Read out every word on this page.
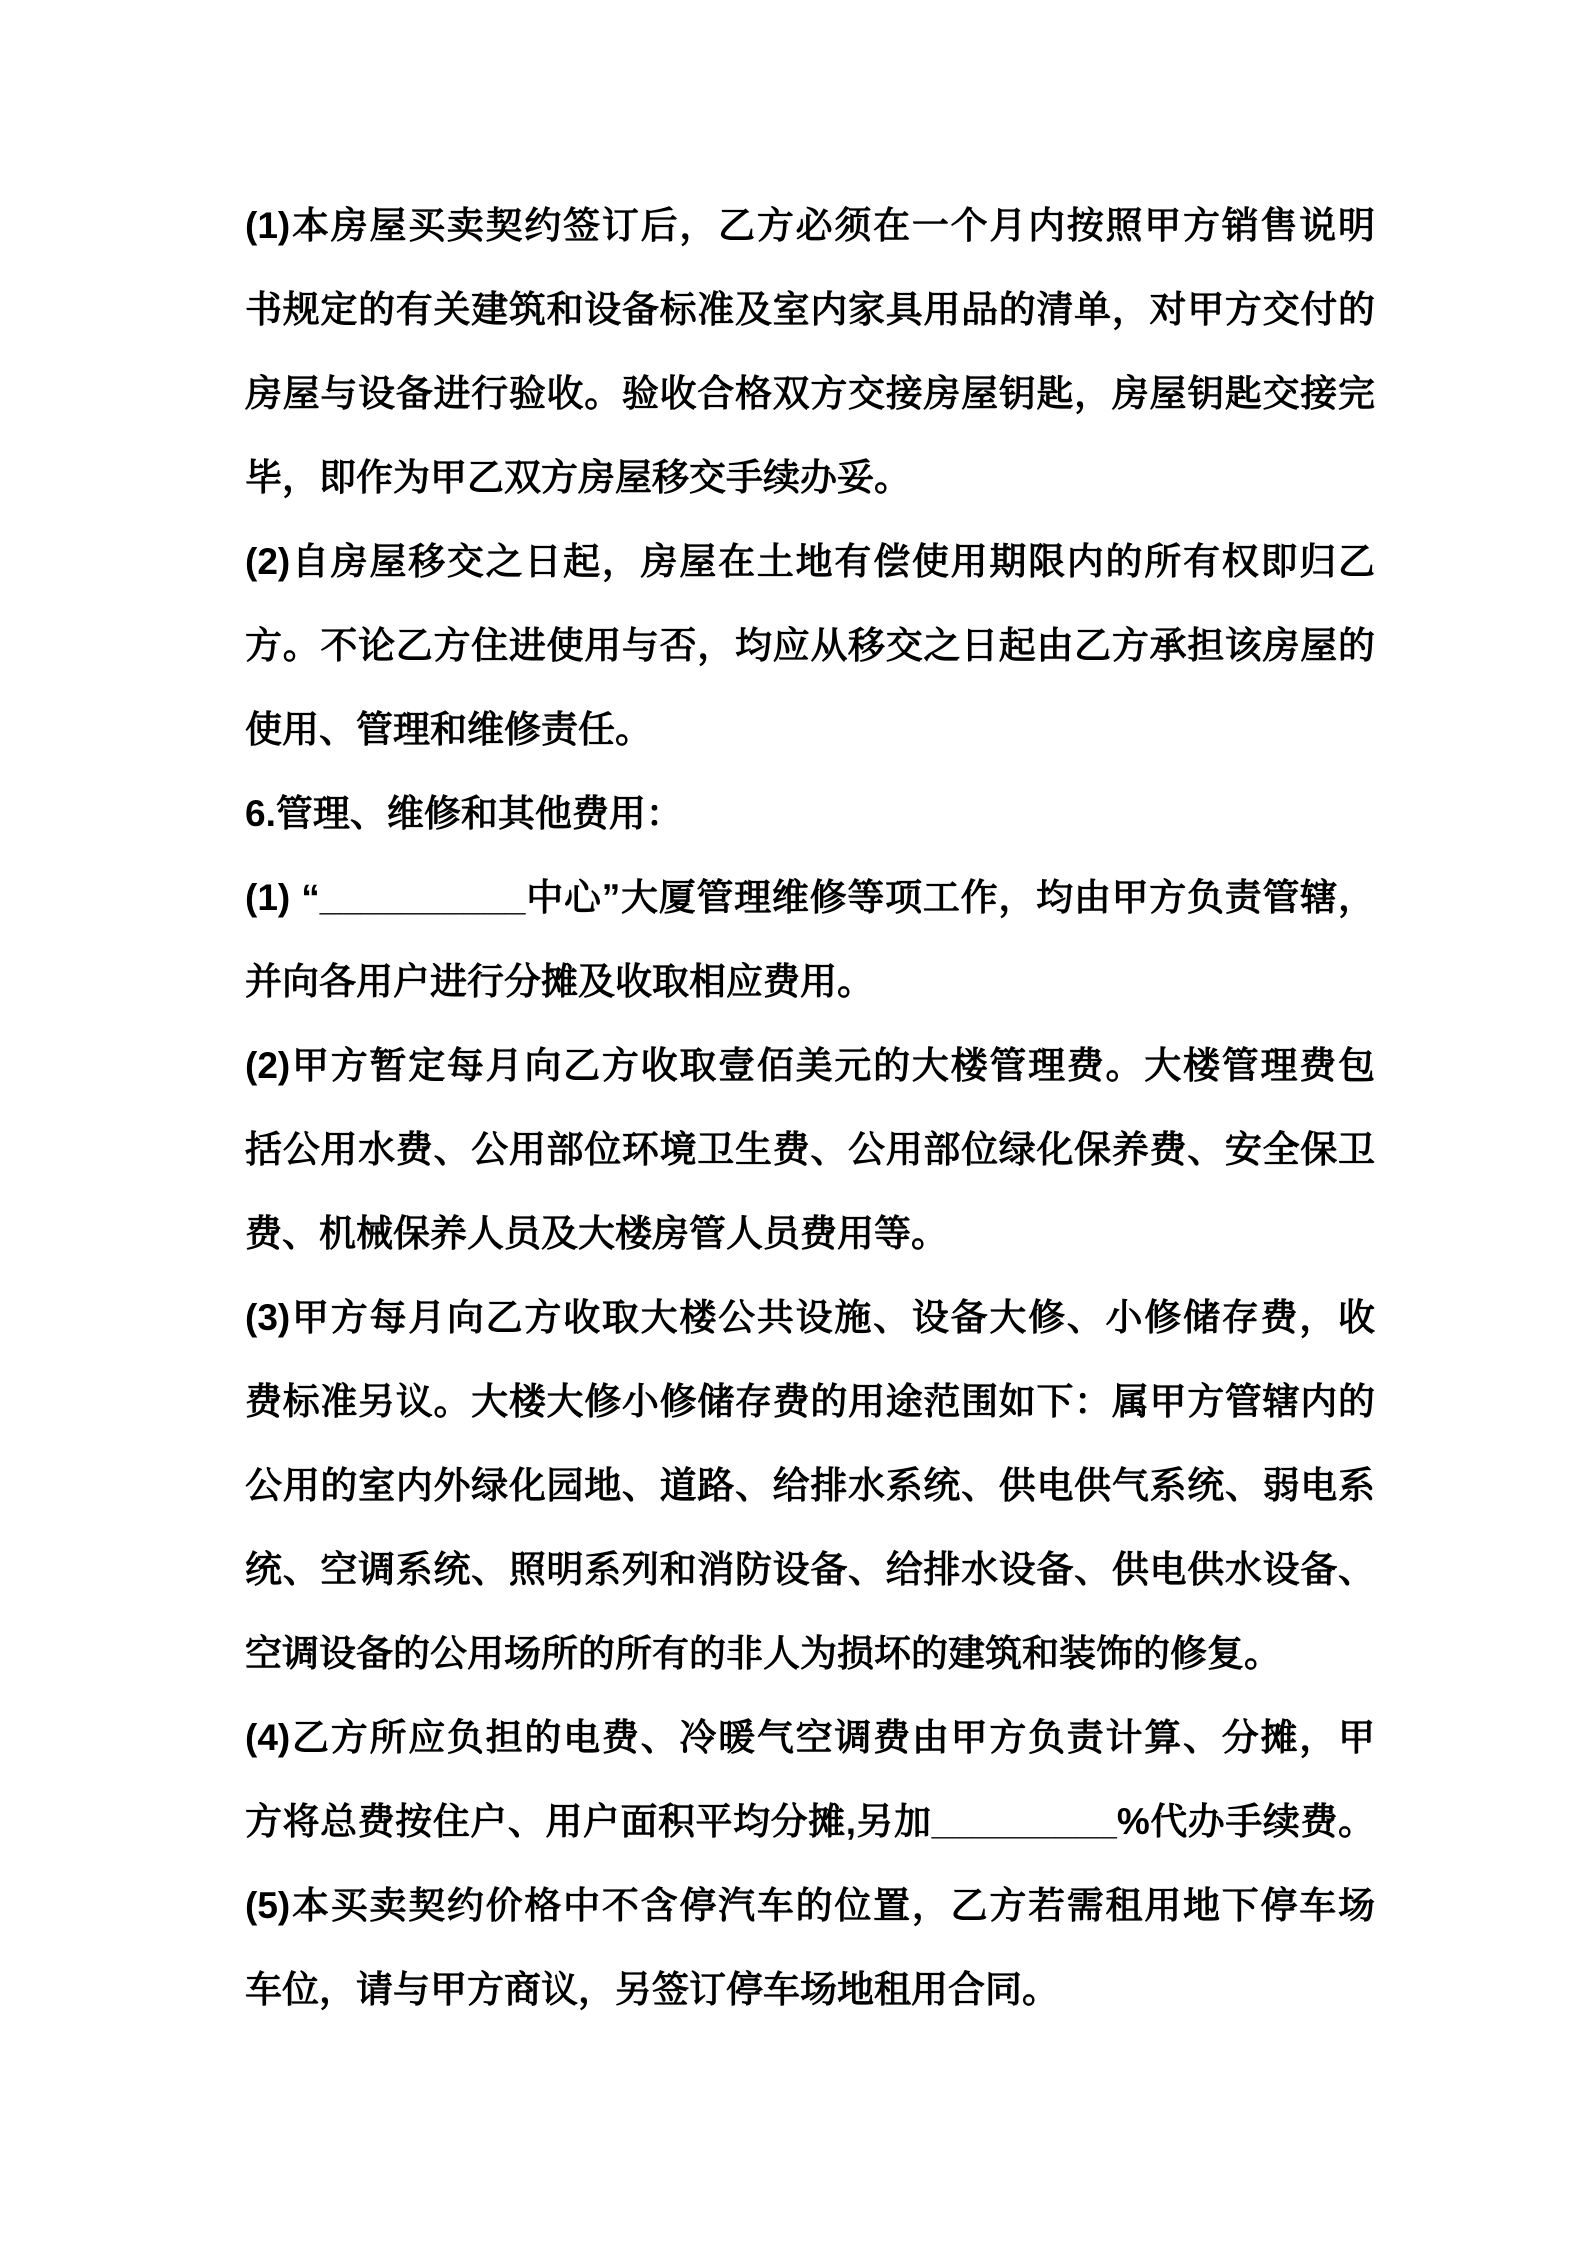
(1)本房屋买卖契约签订后，乙方必须在一个月内按照甲方销售说明
书规定的有关建筑和设备标准及室内家具用品的清单，对甲方交付的
房屋与设备进行验收。验收合格双方交接房屋钥匙，房屋钥匙交接完
毕，即作为甲乙双方房屋移交手续办妥。
(2)自房屋移交之日起，房屋在土地有偿使用期限内的所有权即归乙
方。不论乙方住进使用与否，均应从移交之日起由乙方承担该房屋的
使用、管理和维修责任。
6.管理、维修和其他费用：
(1) “__________中心”大厦管理维修等项工作，均由甲方负责管辖，
并向各用户进行分摊及收取相应费用。
(2)甲方暂定每月向乙方收取壹佰美元的大楼管理费。大楼管理费包
括公用水费、公用部位环境卫生费、公用部位绿化保养费、安全保卫
费、机械保养人员及大楼房管人员费用等。
(3)甲方每月向乙方收取大楼公共设施、设备大修、小修储存费，收
费标准另议。大楼大修小修储存费的用途范围如下：属甲方管辖内的
公用的室内外绿化园地、道路、给排水系统、供电供气系统、弱电系
统、空调系统、照明系列和消防设备、给排水设备、供电供水设备、
空调设备的公用场所的所有的非人为损坏的建筑和装饰的修复。
(4)乙方所应负担的电费、冷暖气空调费由甲方负责计算、分摊，甲
方将总费按住户、用户面积平均分摊,另加_________%代办手续费。
(5)本买卖契约价格中不含停汽车的位置，乙方若需租用地下停车场
车位，请与甲方商议，另签订停车场地租用合同。
